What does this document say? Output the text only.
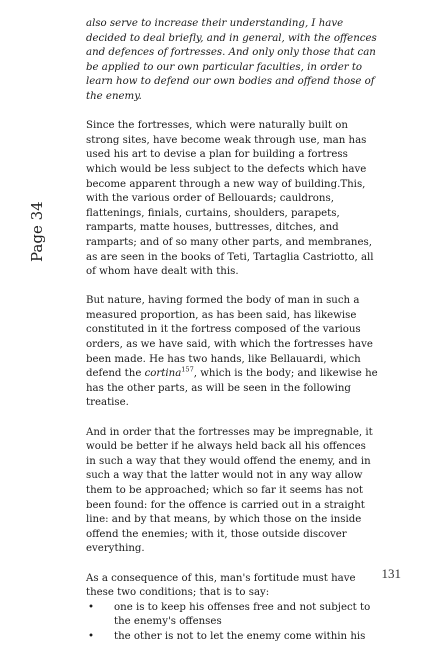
Page 34

also serve to increase their understanding, I have decided to deal briefly, and in general, with the offences and defences of fortresses. And only only those that can be applied to our own particular faculties, in order to learn how to defend our own bodies and offend those of the enemy.

Since the fortresses, which were naturally built on strong sites, have become weak through use, man has used his art to devise a plan for building a fortress which would be less subject to the defects which have become apparent through a new way of building.This, with the various order of Bellouards; cauldrons, flattenings, finials, curtains, shoulders, parapets, ramparts, matte houses, buttresses, ditches, and ramparts; and of so many other parts, and membranes, as are seen in the books of Teti, Tartaglia Castriotto, all of whom have dealt with this.

But nature, having formed the body of man in such a measured proportion, as has been said, has likewise constituted in it the fortress composed of the various orders, as we have said, with which the fortresses have been made. He has two hands, like Bellauardi, which defend the cortina$^{157}$, which is the body; and likewise he has the other parts, as will be seen in the following treatise.

And in order that the fortresses may be impregnable, it would be better if he always held back all his offences in such a way that they would offend the enemy, and in such a way that the latter would not in any way allow them to be approached; which so far it seems has not been found: for the offence is carried out in a straight line: and by that means, by which those on the inside offend the enemies; with it, those outside discover everything.

As a consequence of this, man's fortitude must have these two conditions; that is to say:

• one is to keep his offenses free and not subject to the enemy's offenses
• the other is not to let the enemy come within his
131
